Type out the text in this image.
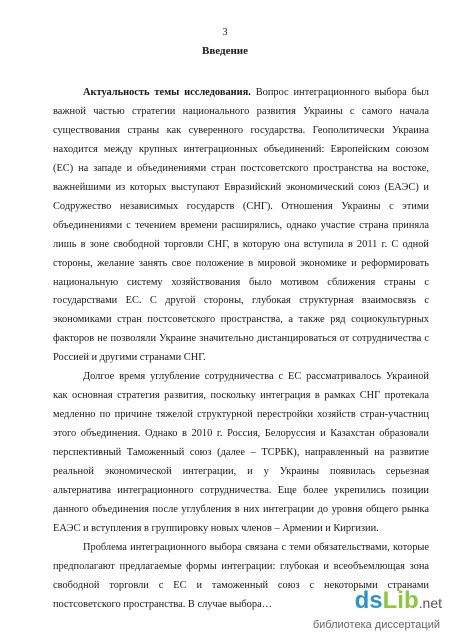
3
Введение

Актуальность темы исследования. Вопрос интеграционного выбора был важной частью стратегии национального развития Украины с самого начала существования страны как суверенного государства. Геополитически Украина находится между крупных интеграционных объединений: Европейским союзом (ЕС) на западе и объединениями стран постсоветского пространства на востоке, важнейшими из которых выступают Евразийский экономический союз (ЕАЭС) и Содружество независимых государств (СНГ). Отношения Украины с этими объединениями с течением времени расширялись, однако участие страна приняла лишь в зоне свободной торговли СНГ, в которую она вступила в 2011 г. С одной стороны, желание занять свое положение в мировой экономике и реформировать национальную систему хозяйствования было мотивом сближения страны с государствами ЕС. С другой стороны, глубокая структурная взаимосвязь с экономиками стран постсоветского пространства, а также ряд социокультурных факторов не позволяли Украине значительно дистанцироваться от сотрудничества с Россией и другими странами СНГ.

Долгое время углубление сотрудничества с ЕС рассматривалось Украиной как основная стратегия развития, поскольку интеграция в рамках СНГ протекала медленно по причине тяжелой структурной перестройки хозяйств стран-участниц этого объединения. Однако в 2010 г. Россия, Белоруссия и Казахстан образовали перспективный Таможенный союз (далее – ТСРБК), направленный на развитие реальной экономической интеграции, и у Украины появилась серьезная альтернатива интеграционного сотрудничества. Еще более укрепились позиции данного объединения после углубления в них интеграции до уровня общего рынка ЕАЭС и вступления в группировку новых членов – Армении и Киргизии.

Проблема интеграционного выбора связана с теми обязательствами, которые предполагают предлагаемые формы интеграции: глубокая и всеобъемлющая зона свободной торговли с ЕС и таможенный союз с некоторыми странами постсоветского пространства. В случае выбора…	ds Lib . net
библиотека диссертаций
